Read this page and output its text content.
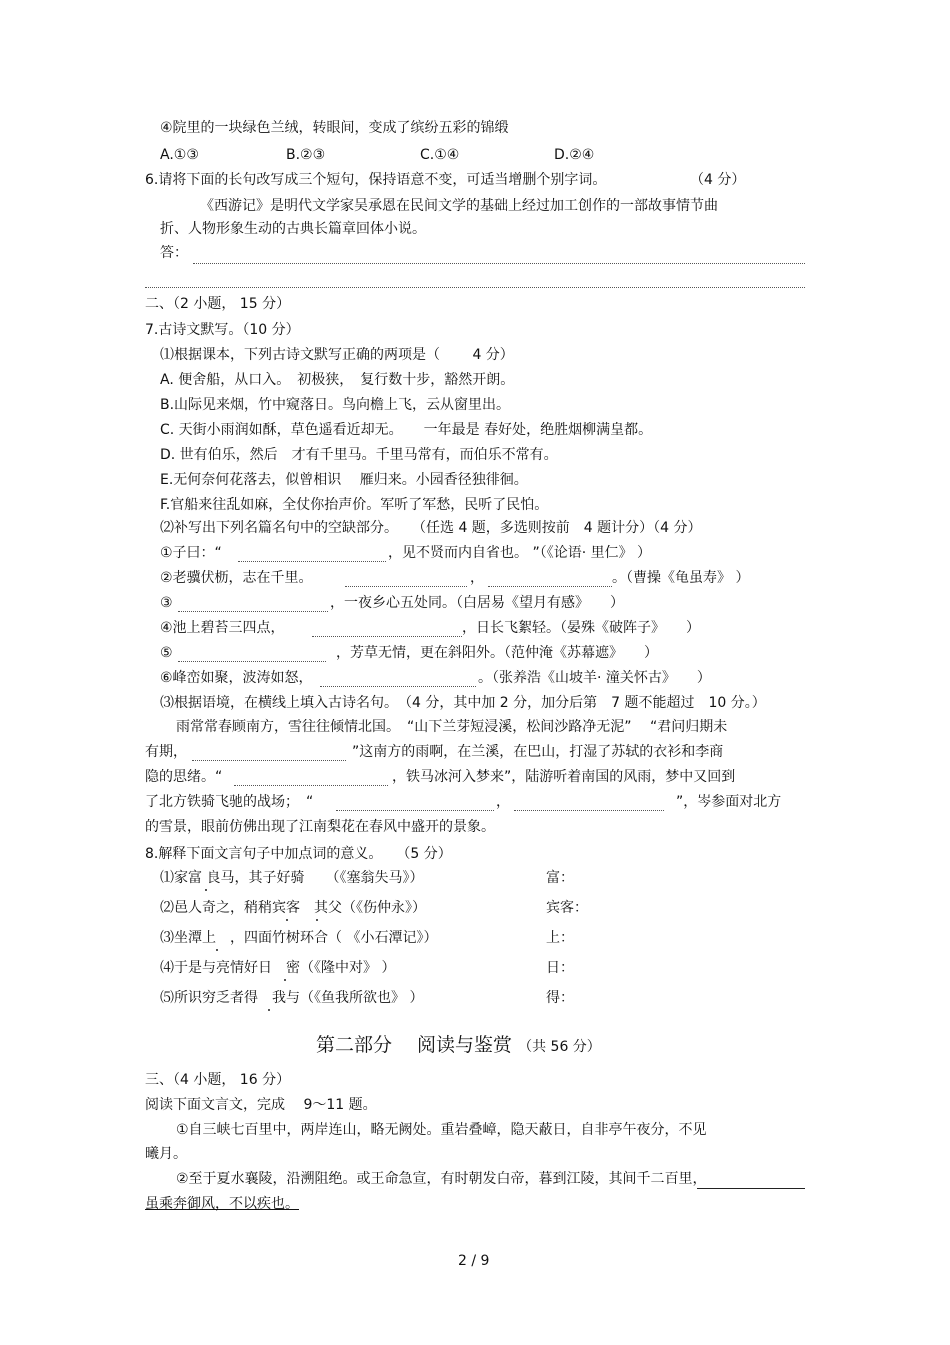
④院里的一块绿色兰绒，转眼间，变成了缤纷五彩的锦缎
A.①③	B.②③	C.①④	D.②④
6.请将下面的长句改写成三个短句，保持语意不变，可适当增删个别字词。	（4 分）
《西游记》是明代文学家吴承恩在民间文学的基础上经过加工创作的一部故事情节曲
折、人物形象生动的古典长篇章回体小说。
答：
二、（2 小题， 15 分）
7.古诗文默写。（10 分）
⑴根据课本，下列古诗文默写正确的两项是（　　 4 分）
A. 便舍船，从口入。　初极狭，　复行数十步，豁然开朗。
B.山际见来烟，竹中窥落日。鸟向檐上飞，云从窗里出。
C. 天街小雨润如酥，草色遥看近却无。　　一年最是 春好处，绝胜烟柳满皇都。
D. 世有伯乐，然后　才有千里马。千里马常有，而伯乐不常有。
E.无何奈何花落去，似曾相识　 雁归来。小园香径独徘徊。
F.官船来往乱如麻，全仗你抬声价。军听了军愁，民听了民怕。
⑵补写出下列名篇名句中的空缺部分。　　（任选 4 题，多选则按前　4 题计分）（4 分）
①子曰：“	，见不贤而内自省也。 ”（《论语· 里仁》 ）
②老骥伏枥，志在千里。	，	。（曹操《龟虽寿》 ）
③	，一夜乡心五处同。（白居易《望月有感》　　）
④池上碧苔三四点，	，日长飞絮轻。（晏殊《破阵子》　　）
⑤	，芳草无情，更在斜阳外。（范仲淹《苏幕遮》　　）
⑥峰峦如聚，波涛如怒，	。（张养浩《山坡羊· 潼关怀古》　　）
⑶根据语境，在横线上填入古诗名句。　（4 分，其中加 2 分，加分后第　7 题不能超过　10 分。）
雨常常春顾南方，雪往往倾情北国。　“山下兰芽短浸溪，松间沙路净无泥”　 “君问归期未
有期，	”这南方的雨啊，在兰溪，在巴山，打湿了苏轼的衣衫和李商
隐的思绪。“	，铁马冰河入梦来”，陆游听着南国的风雨，梦中又回到
了北方铁骑飞驰的战场；　“	，	”，岑参面对北方
的雪景，眼前仿佛出现了江南梨花在春风中盛开的景象。
8.解释下面文言句子中加点词的意义。　　（5 分）
⑴家富 良马，其子好骑　　（《塞翁失马》）	富：
⑵邑人奇之，稍稍宾客　其父（《伤仲永》）	宾客：
⑶坐潭上　，四面竹树环合（ 《小石潭记》）	上：
⑷于是与亮情好日　密（《隆中对》 ）	日：
⑸所识穷乏者得　我与（《鱼我所欲也》 ）	得：
第二部分　 阅读与鉴赏 （共 56 分）
三、（4 小题， 16 分）
阅读下面文言文，完成　 9～11 题。
①自三峡七百里中，两岸连山，略无阙处。重岩叠嶂，隐天蔽日，自非亭午夜分，不见
曦月。
②至于夏水襄陵，沿溯阻绝。或王命急宣，有时朝发白帝，暮到江陵，其间千二百里，
虽乘奔御风，不以疾也。
2 / 9
